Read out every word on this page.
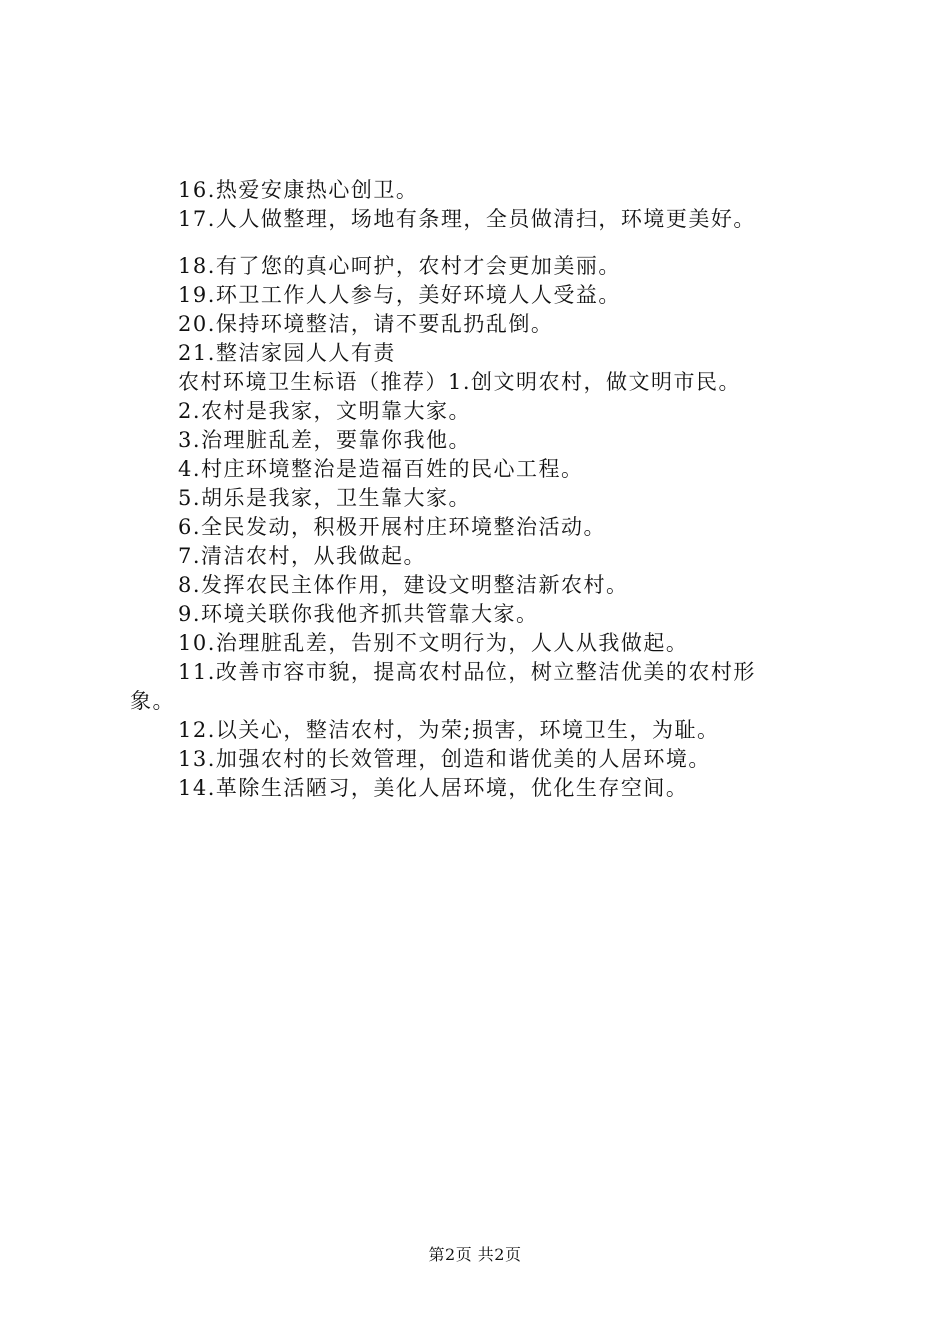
16.热爱安康热心创卫。
17.人人做整理，场地有条理，全员做清扫，环境更美好。
18.有了您的真心呵护，农村才会更加美丽。
19.环卫工作人人参与，美好环境人人受益。
20.保持环境整洁，请不要乱扔乱倒。
21.整洁家园人人有责
农村环境卫生标语（推荐）1.创文明农村，做文明市民。
2.农村是我家，文明靠大家。
3.治理脏乱差，要靠你我他。
4.村庄环境整治是造福百姓的民心工程。
5.胡乐是我家，卫生靠大家。
6.全民发动，积极开展村庄环境整治活动。
7.清洁农村，从我做起。
8.发挥农民主体作用，建设文明整洁新农村。
9.环境关联你我他齐抓共管靠大家。
10.治理脏乱差，告别不文明行为，人人从我做起。
11.改善市容市貌，提高农村品位，树立整洁优美的农村形
象。
12.以关心，整洁农村，为荣;损害，环境卫生，为耻。
13.加强农村的长效管理，创造和谐优美的人居环境。
14.革除生活陋习，美化人居环境，优化生存空间。
第2页 共2页
